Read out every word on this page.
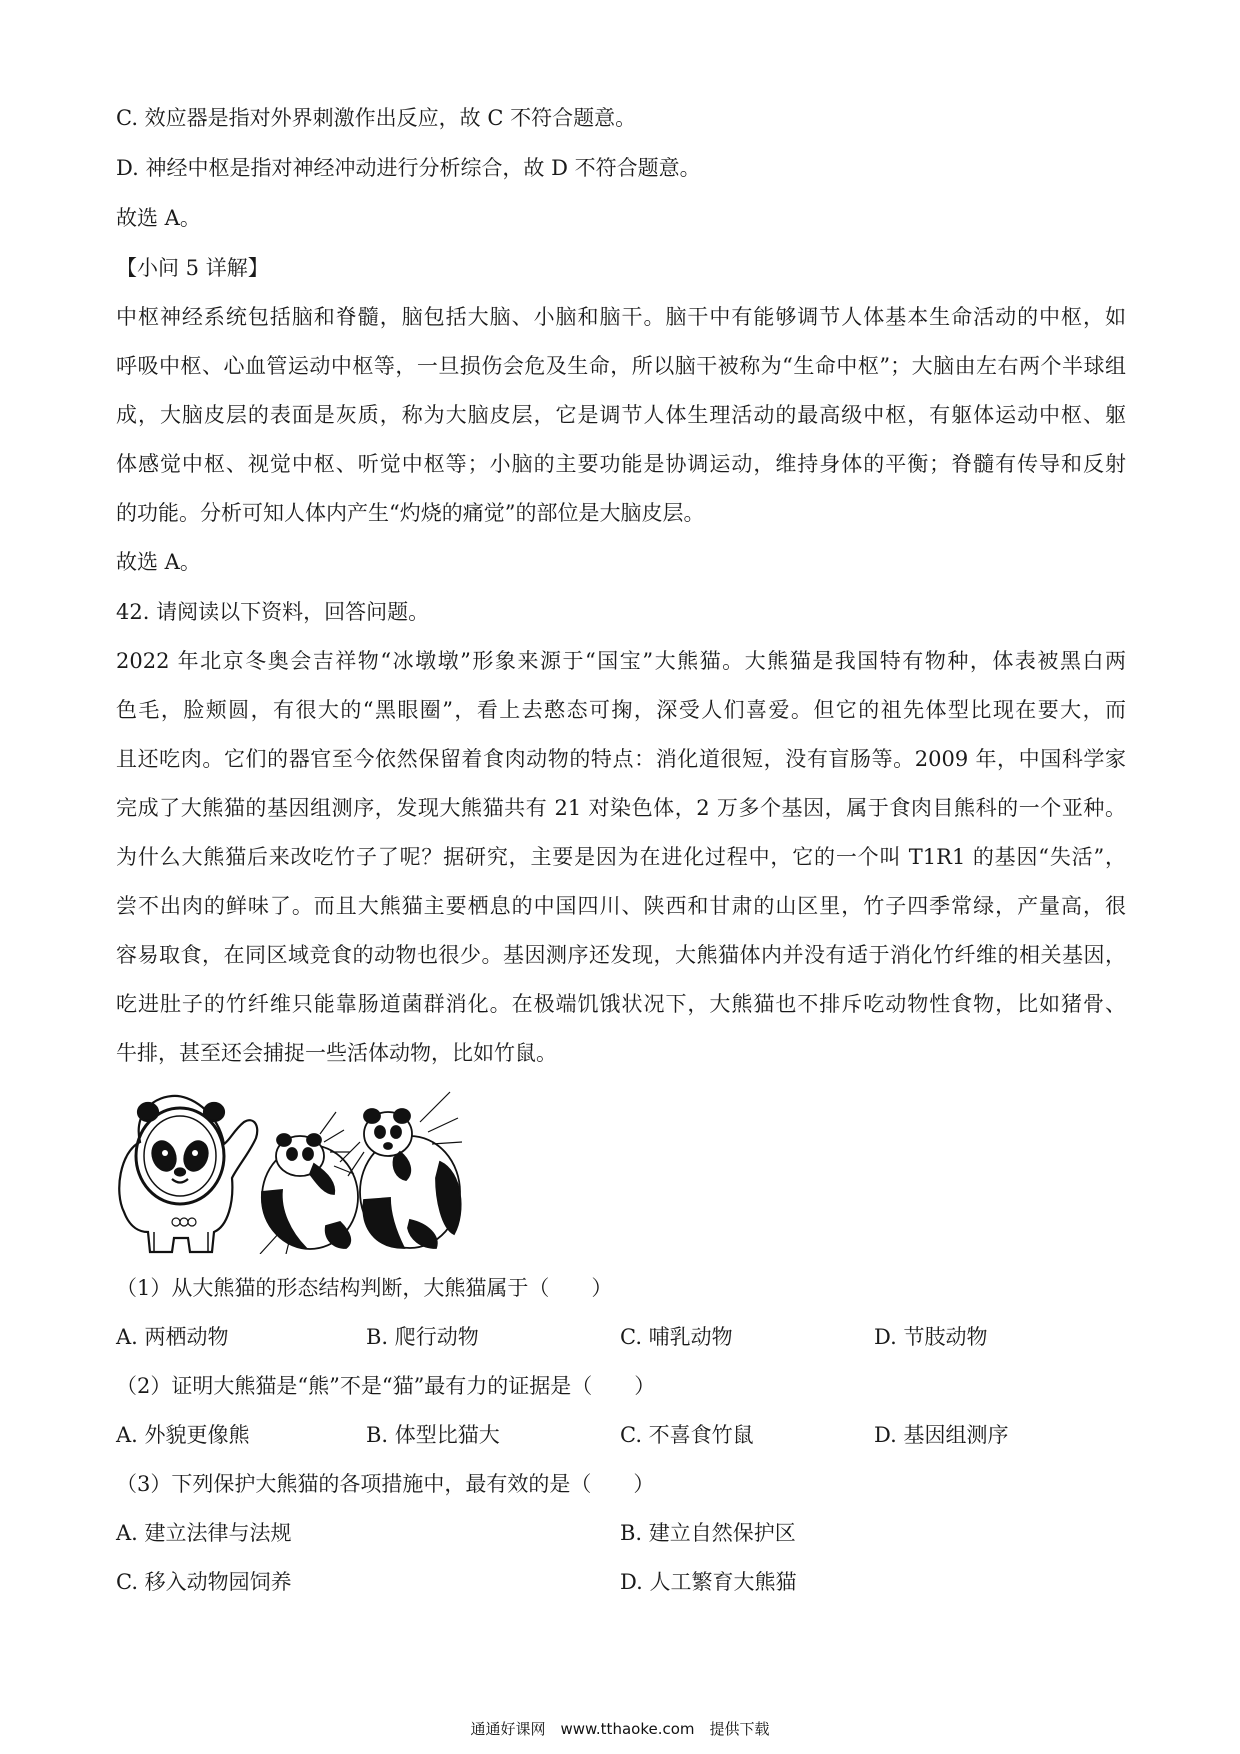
C. 效应器是指对外界刺激作出反应，故 C 不符合题意。
D. 神经中枢是指对神经冲动进行分析综合，故 D 不符合题意。
故选 A。
【小问 5 详解】
中枢神经系统包括脑和脊髓，脑包括大脑、小脑和脑干。脑干中有能够调节人体基本生命活动的中枢，如
呼吸中枢、心血管运动中枢等，一旦损伤会危及生命，所以脑干被称为“生命中枢”；大脑由左右两个半球组
成，大脑皮层的表面是灰质，称为大脑皮层，它是调节人体生理活动的最高级中枢，有躯体运动中枢、躯
体感觉中枢、视觉中枢、听觉中枢等；小脑的主要功能是协调运动，维持身体的平衡；脊髓有传导和反射
的功能。分析可知人体内产生“灼烧的痛觉”的部位是大脑皮层。
故选 A。
42. 请阅读以下资料，回答问题。
2022 年北京冬奥会吉祥物“冰墩墩”形象来源于“国宝”大熊猫。大熊猫是我国特有物种，体表被黑白两
色毛，脸颊圆，有很大的“黑眼圈”，看上去憨态可掬，深受人们喜爱。但它的祖先体型比现在要大，而
且还吃肉。它们的器官至今依然保留着食肉动物的特点：消化道很短，没有盲肠等。2009 年，中国科学家
完成了大熊猫的基因组测序，发现大熊猫共有 21 对染色体，2 万多个基因，属于食肉目熊科的一个亚种。
为什么大熊猫后来改吃竹子了呢？据研究，主要是因为在进化过程中，它的一个叫 T1R1 的基因“失活”，
尝不出肉的鲜味了。而且大熊猫主要栖息的中国四川、陕西和甘肃的山区里，竹子四季常绿，产量高，很
容易取食，在同区域竞食的动物也很少。基因测序还发现，大熊猫体内并没有适于消化竹纤维的相关基因，
吃进肚子的竹纤维只能靠肠道菌群消化。在极端饥饿状况下，大熊猫也不排斥吃动物性食物，比如猪骨、
牛排，甚至还会捕捉一些活体动物，比如竹鼠。
（1）从大熊猫的形态结构判断，大熊猫属于（　　）
A. 两栖动物	B. 爬行动物	C. 哺乳动物	D. 节肢动物
（2）证明大熊猫是“熊”不是“猫”最有力的证据是（　　）
A. 外貌更像熊	B. 体型比猫大	C. 不喜食竹鼠	D. 基因组测序
（3）下列保护大熊猫的各项措施中，最有效的是（　　）
A. 建立法律与法规	B. 建立自然保护区
C. 移入动物园饲养	D. 人工繁育大熊猫
通通好课网　www.tthaoke.com　提供下载
